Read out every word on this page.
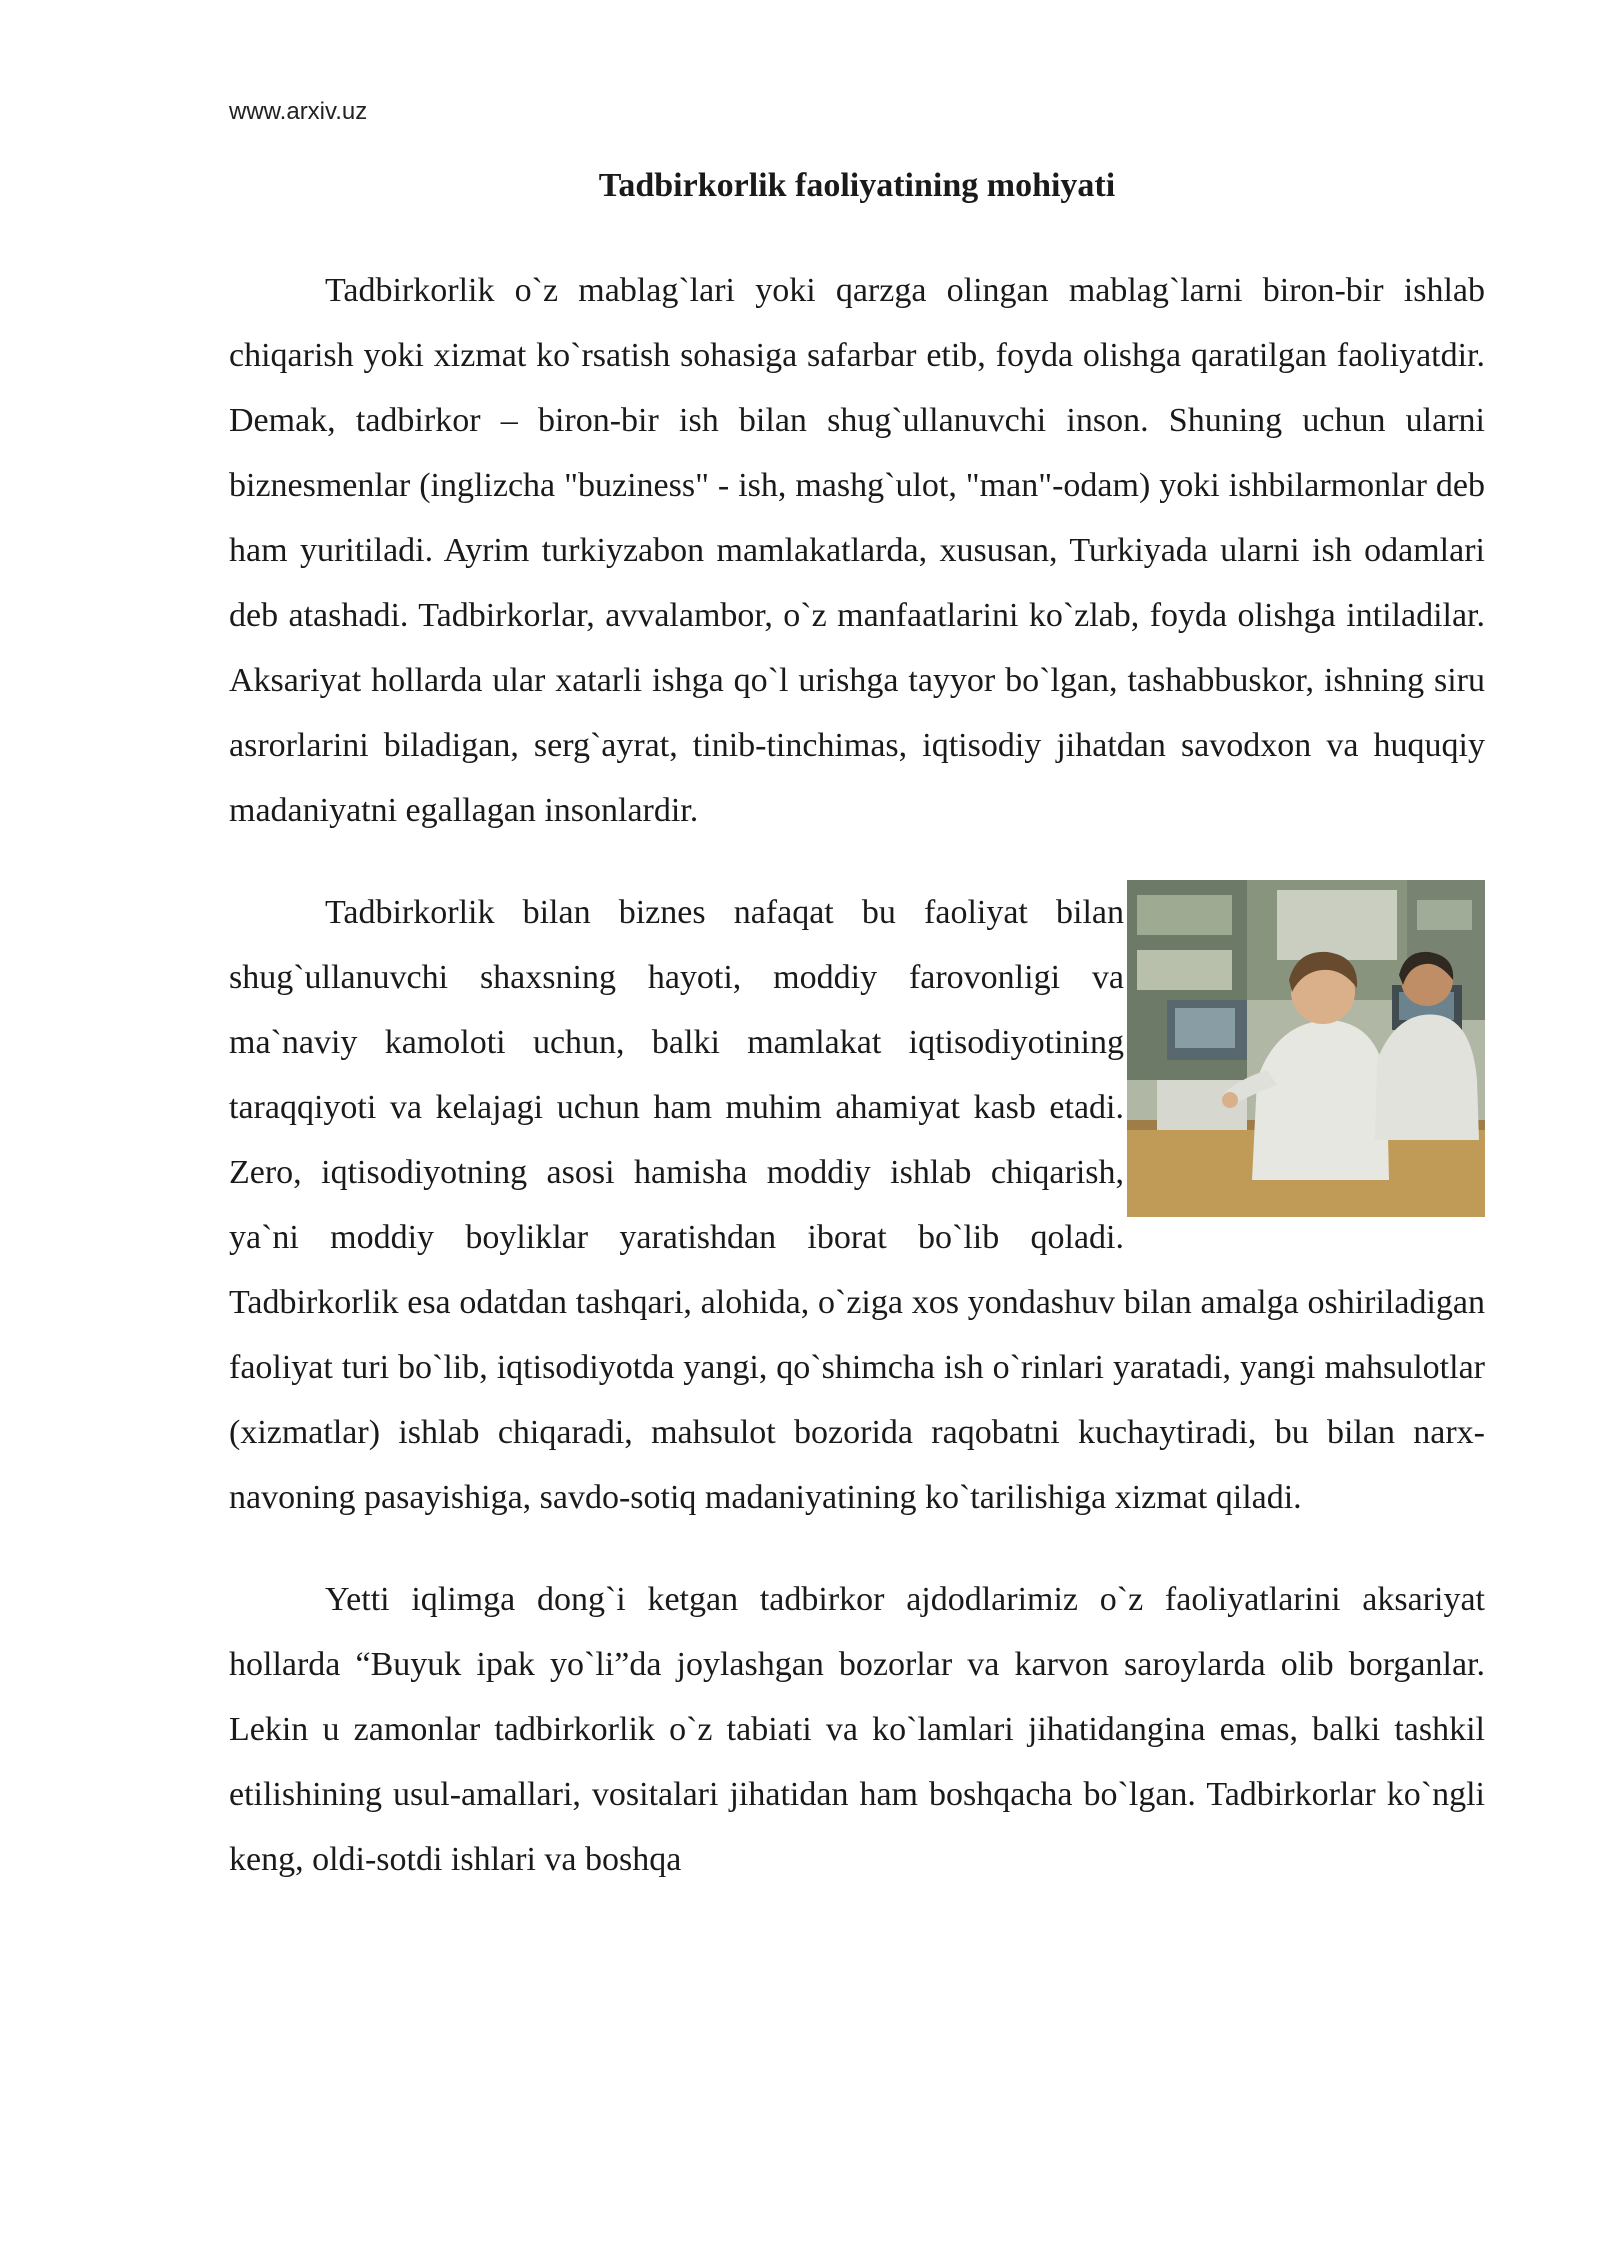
www.arxiv.uz
Tadbirkorlik faoliyatining mohiyati

Tadbirkorlik o`z mablag`lari yoki qarzga olingan mablag`larni biron-bir ishlab chiqarish yoki xizmat ko`rsatish sohasiga safarbar etib, foyda olishga qaratilgan faoliyatdir. Demak, tadbirkor – biron-bir ish bilan shug`ullanuvchi inson. Shuning uchun ularni biznesmenlar (inglizcha "buziness" - ish, mashg`ulot, "man"-odam) yoki ishbilarmonlar deb ham yuritiladi. Ayrim turkiyzabon mamlakatlarda, xususan, Turkiyada ularni ish odamlari deb atashadi. Tadbirkorlar, avvalambor, o`z manfaatlarini ko`zlab, foyda olishga intiladilar. Aksariyat hollarda ular xatarli ishga qo`l urishga tayyor bo`lgan, tashabbuskor, ishning siru asrorlarini biladigan, serg`ayrat, tinib-tinchimas, iqtisodiy jihatdan savodxon va huquqiy madaniyatni egallagan insonlardir.

Tadbirkorlik bilan biznes nafaqat bu faoliyat bilan shug`ullanuvchi shaxsning hayoti, moddiy farovonligi va ma`naviy kamoloti uchun, balki mamlakat iqtisodiyotining taraqqiyoti va kelajagi uchun ham muhim ahamiyat kasb etadi. Zero, iqtisodiyotning asosi hamisha moddiy ishlab chiqarish, ya`ni moddiy boyliklar yaratishdan iborat bo`lib qoladi. Tadbirkorlik esa odatdan tashqari, alohida, o`ziga xos yondashuv bilan amalga oshiriladigan faoliyat turi bo`lib, iqtisodiyotda yangi, qo`shimcha ish o`rinlari yaratadi, yangi mahsulotlar (xizmatlar) ishlab chiqaradi, mahsulot bozorida raqobatni kuchaytiradi, bu bilan narx-navoning pasayishiga, savdo-sotiq madaniyatining ko`tarilishiga xizmat qiladi.

Yetti iqlimga dong`i ketgan tadbirkor ajdodlarimiz o`z faoliyatlarini aksariyat hollarda “Buyuk ipak yo`li”da joylashgan bozorlar va karvon saroylarda olib borganlar. Lekin u zamonlar tadbirkorlik o`z tabiati va ko`lamlari jihatidangina emas, balki tashkil etilishining usul-amallari, vositalari jihatidan ham boshqacha bo`lgan. Tadbirkorlar ko`ngli keng, oldi-sotdi ishlari va boshqa
